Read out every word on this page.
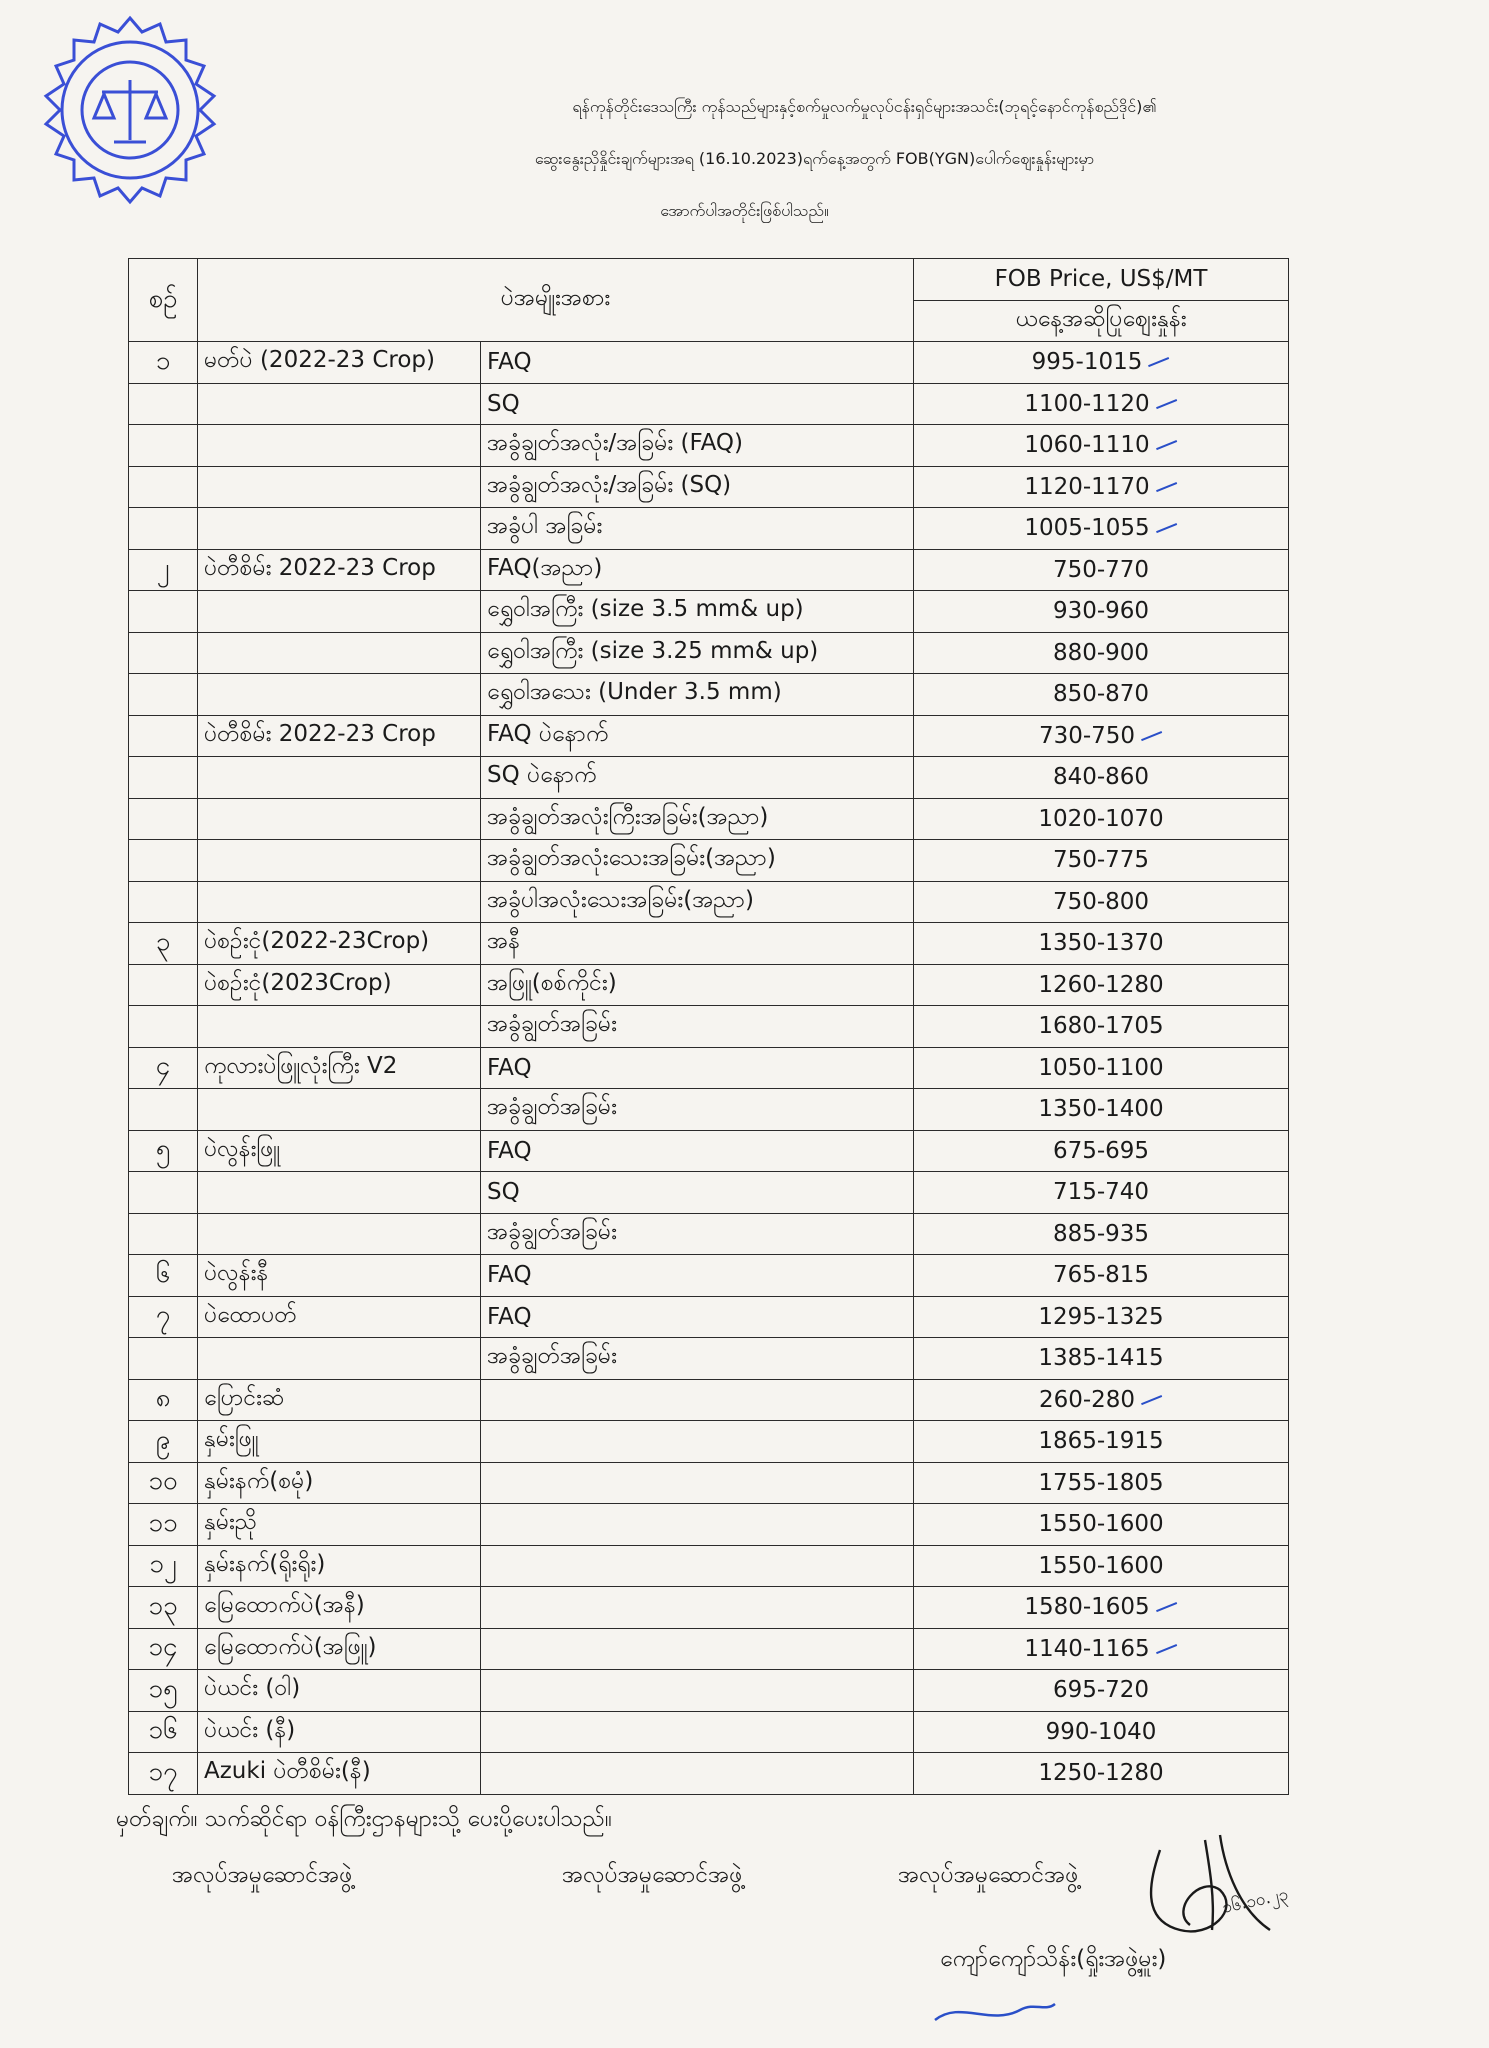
ရန်ကုန်တိုင်းဒေသကြီး ကုန်သည်များနှင့်စက်မှုလက်မှုလုပ်ငန်းရှင်များအသင်း(ဘုရင့်နောင်ကုန်စည်ဒိုင်)၏
ဆွေးနွေးညှိနှိုင်းချက်များအရ (16.10.2023)ရက်နေ့အတွက် FOB(YGN)ပေါက်ဈေးနှုန်းများမှာ
အောက်ပါအတိုင်းဖြစ်ပါသည်။
စဉ်	ပဲအမျိုးအစား		FOB Price, US$/MT
			ယနေ့အဆိုပြုဈေးနှုန်း
၁	မတ်ပဲ (2022-23 Crop)	FAQ	995-1015
		SQ	1100-1120
		အခွံချွတ်အလုံး/အခြမ်း (FAQ)	1060-1110
		အခွံချွတ်အလုံး/အခြမ်း (SQ)	1120-1170
		အခွံပါ အခြမ်း	1005-1055
၂	ပဲတီစိမ်း 2022-23 Crop	FAQ(အညာ)	750-770
		ရွှေဝါအကြီး (size 3.5 mm& up)	930-960
		ရွှေဝါအကြီး (size 3.25 mm& up)	880-900
		ရွှေဝါအသေး (Under 3.5 mm)	850-870
	ပဲတီစိမ်း 2022-23 Crop	FAQ ပဲနောက်	730-750
		SQ ပဲနောက်	840-860
		အခွံချွတ်အလုံးကြီးအခြမ်း(အညာ)	1020-1070
		အခွံချွတ်အလုံးသေးအခြမ်း(အညာ)	750-775
		အခွံပါအလုံးသေးအခြမ်း(အညာ)	750-800
၃	ပဲစဉ်းငုံ(2022-23Crop)	အနီ	1350-1370
	ပဲစဉ်းငုံ(2023Crop)	အဖြူ(စစ်ကိုင်း)	1260-1280
		အခွံချွတ်အခြမ်း	1680-1705
၄	ကုလားပဲဖြူလုံးကြီး V2	FAQ	1050-1100
		အခွံချွတ်အခြမ်း	1350-1400
၅	ပဲလွန်းဖြူ	FAQ	675-695
		SQ	715-740
		အခွံချွတ်အခြမ်း	885-935
၆	ပဲလွန်းနီ	FAQ	765-815
၇	ပဲထောပတ်	FAQ	1295-1325
		အခွံချွတ်အခြမ်း	1385-1415
၈	ပြောင်းဆံ		260-280
၉	နှမ်းဖြူ		1865-1915
၁၀	နှမ်းနက်(စမုံ)		1755-1805
၁၁	နှမ်းညို		1550-1600
၁၂	နှမ်းနက်(ရိုးရိုး)		1550-1600
၁၃	မြေထောက်ပဲ(အနီ)		1580-1605
၁၄	မြေထောက်ပဲ(အဖြူ)		1140-1165
၁၅	ပဲယင်း (ဝါ)		695-720
၁၆	ပဲယင်း (နီ)		990-1040
၁၇	Azuki ပဲတီစိမ်း(နီ)		1250-1280
မှတ်ချက်။ သက်ဆိုင်ရာ ဝန်ကြီးဌာနများသို့ ပေးပို့ပေးပါသည်။
အလုပ်အမှုဆောင်အဖွဲ့	အလုပ်အမှုဆောင်အဖွဲ့	အလုပ်အမှုဆောင်အဖွဲ့
၁၆.၁၀.၂၃
ကျော်ကျော်သိန်း(ရှိုးအဖွဲ့မှူး)
